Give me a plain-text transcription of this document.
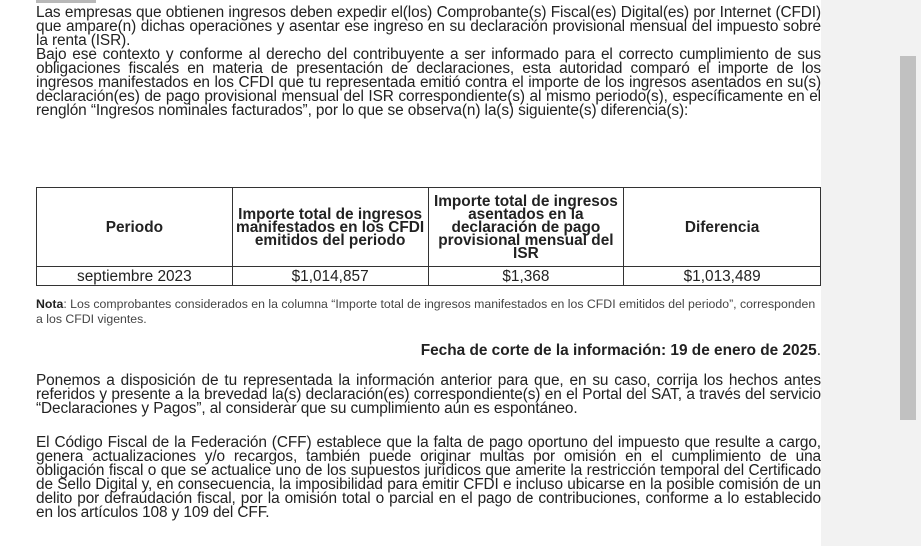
Las empresas que obtienen ingresos deben expedir el(los) Comprobante(s) Fiscal(es) Digital(es) por Internet (CFDI) que ampare(n) dichas operaciones y asentar ese ingreso en su declaración provisional mensual del impuesto sobre la renta (ISR).

Bajo ese contexto y conforme al derecho del contribuyente a ser informado para el correcto cumplimiento de sus obligaciones fiscales en materia de presentación de declaraciones, esta autoridad comparó el importe de los ingresos manifestados en los CFDI que tu representada emitió contra el importe de los ingresos asentados en su(s) declaración(es) de pago provisional mensual del ISR correspondiente(s) al mismo periodo(s), específicamente en el renglón “Ingresos nominales facturados”, por lo que se observa(n) la(s) siguiente(s) diferencia(s):

Periodo	Importe total de ingresos manifestados en los CFDI emitidos del periodo	Importe total de ingresos asentados en la declaración de pago provisional mensual del ISR	Diferencia
septiembre 2023	$1,014,857	$1,368	$1,013,489
Nota: Los comprobantes considerados en la columna “Importe total de ingresos manifestados en los CFDI emitidos del periodo”, corresponden a los CFDI vigentes.
Fecha de corte de la información: 19 de enero de 2025.

Ponemos a disposición de tu representada la información anterior para que, en su caso, corrija los hechos antes referidos y presente a la brevedad la(s) declaración(es) correspondiente(s) en el Portal del SAT, a través del servicio “Declaraciones y Pagos”, al considerar que su cumplimiento aún es espontáneo.

El Código Fiscal de la Federación (CFF) establece que la falta de pago oportuno del impuesto que resulte a cargo, genera actualizaciones y/o recargos, también puede originar multas por omisión en el cumplimiento de una obligación fiscal o que se actualice uno de los supuestos jurídicos que amerite la restricción temporal del Certificado de Sello Digital y, en consecuencia, la imposibilidad para emitir CFDI e incluso ubicarse en la posible comisión de un delito por defraudación fiscal, por la omisión total o parcial en el pago de contribuciones, conforme a lo establecido en los artículos 108 y 109 del CFF.
